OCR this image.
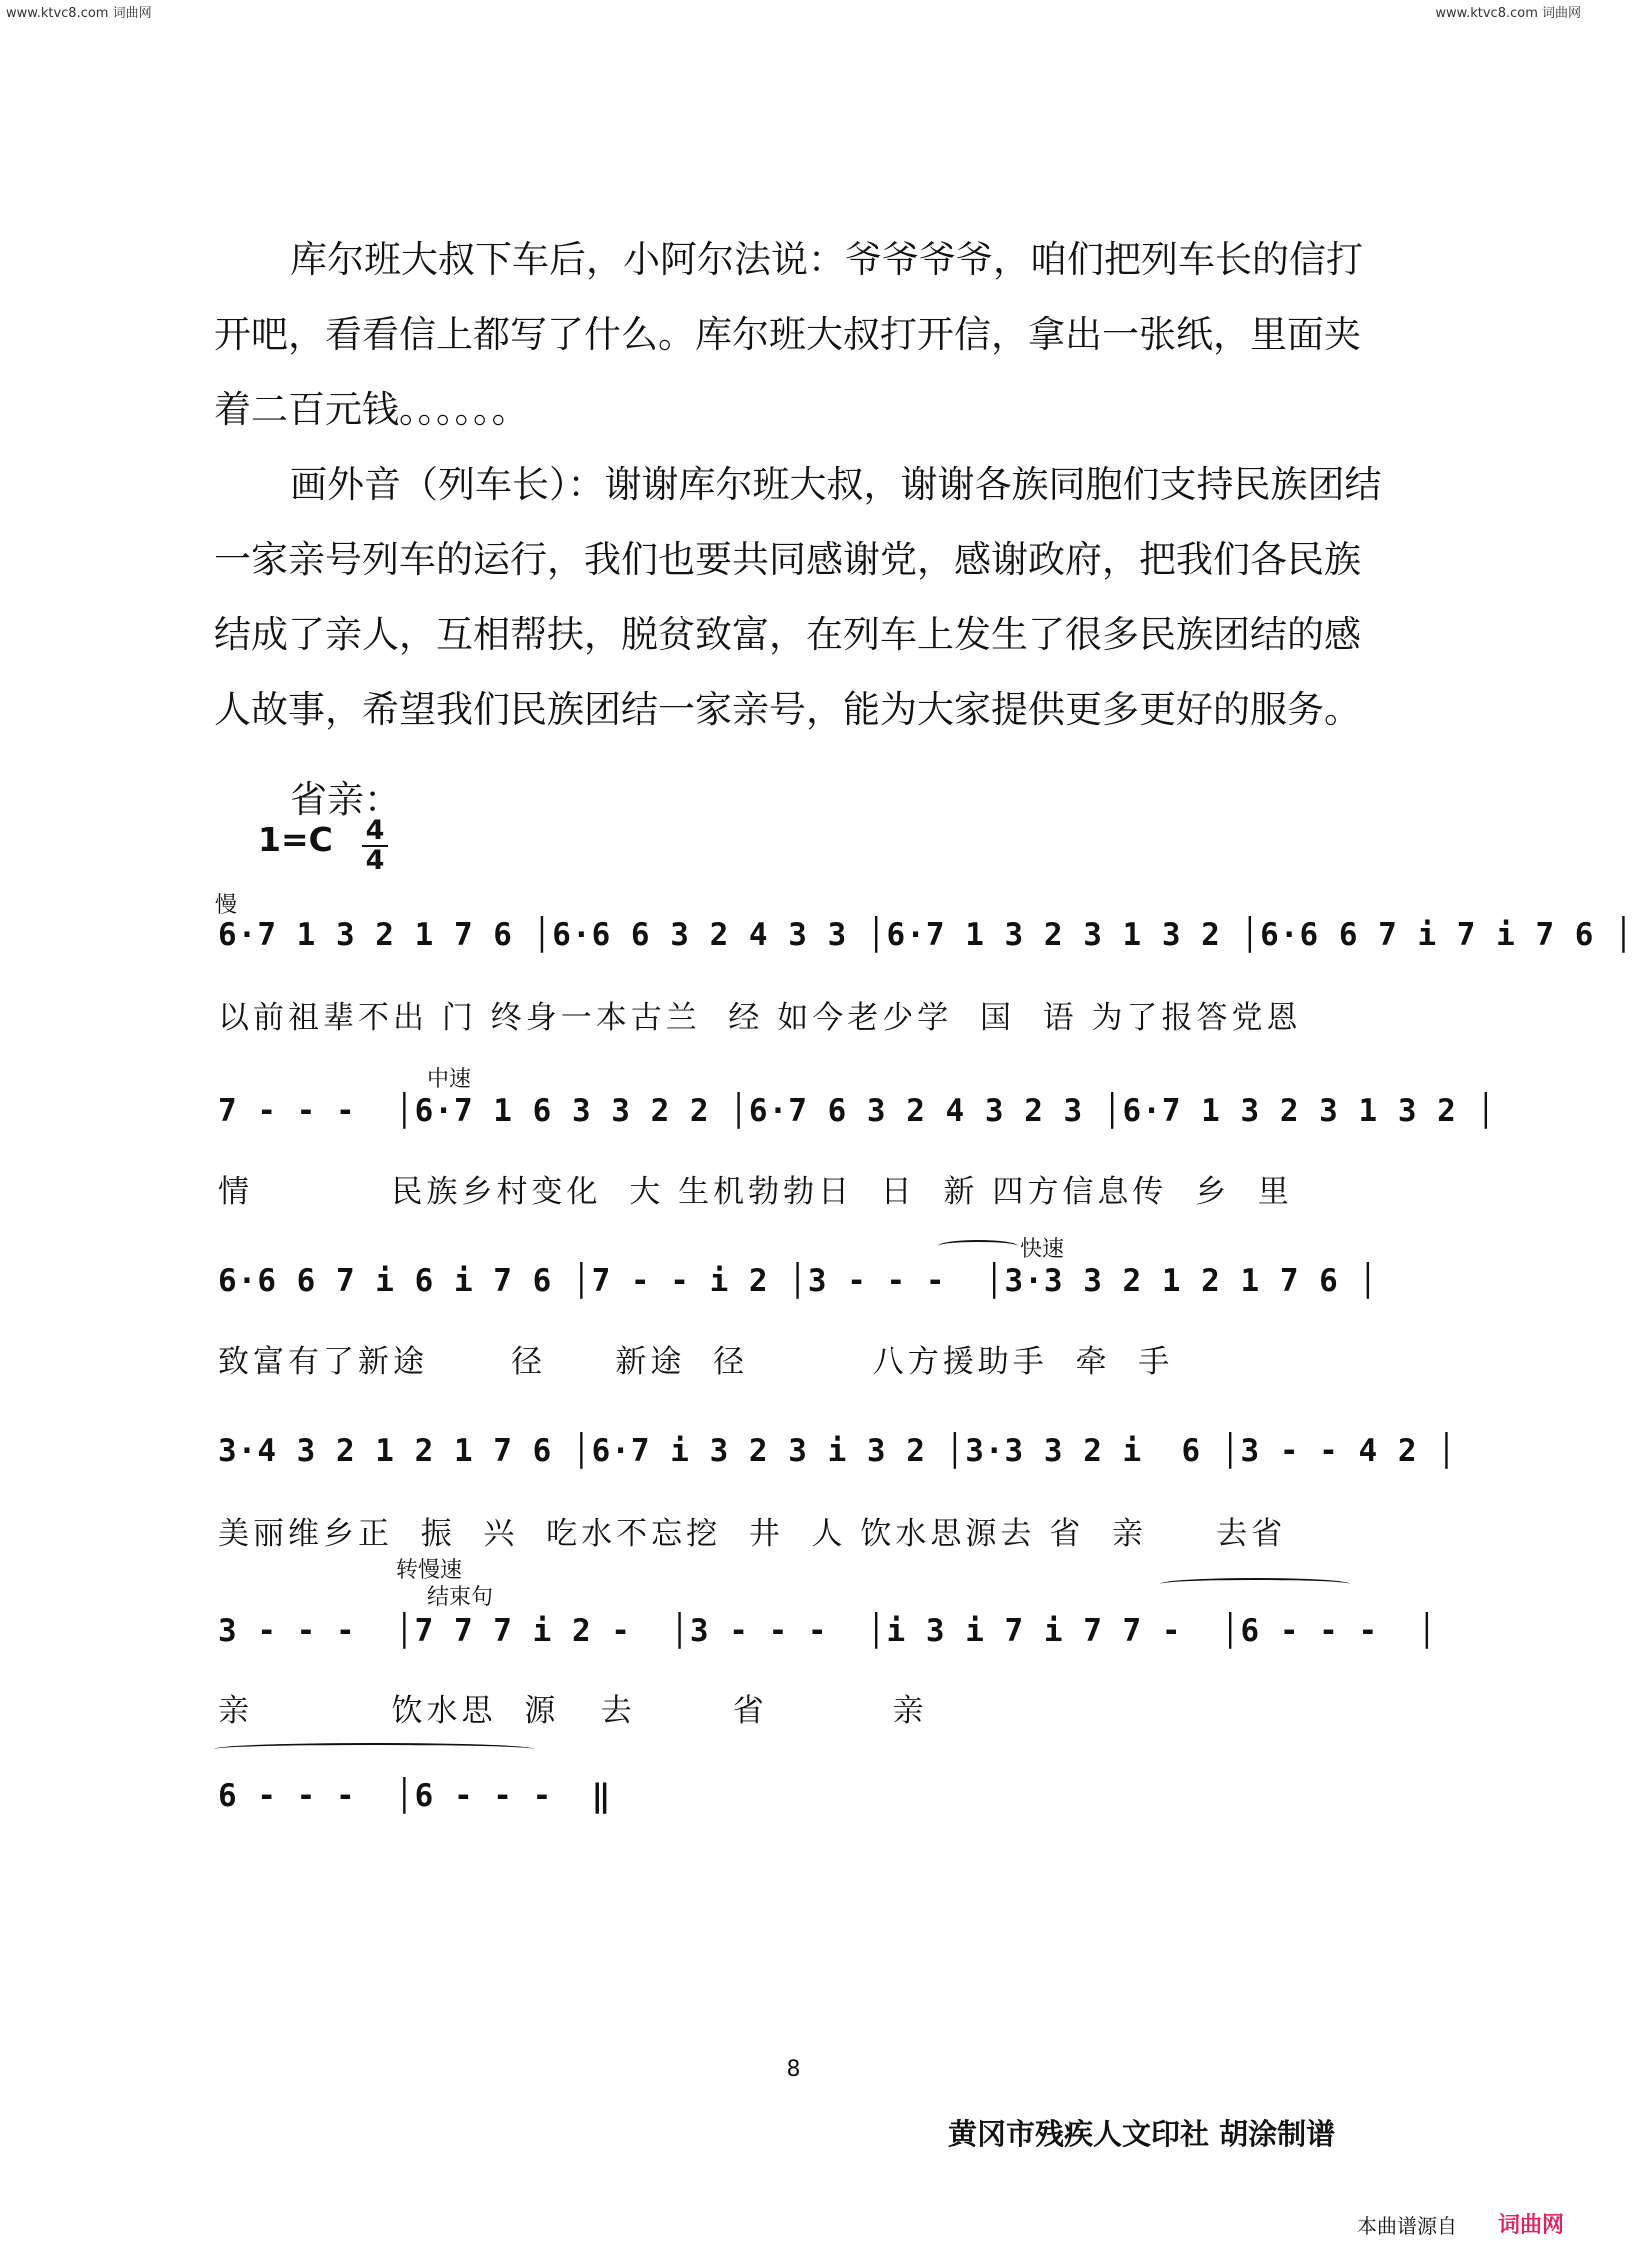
www.ktvc8.com 词曲网	www.ktvc8.com 词曲网

库尔班大叔下车后，小阿尔法说：爷爷爷爷，咱们把列车长的信打开吧，看看信上都写了什么。库尔班大叔打开信，拿出一张纸，里面夹着二百元钱。。。。。。

画外音（列车长）：谢谢库尔班大叔，谢谢各族同胞们支持民族团结一家亲号列车的运行，我们也要共同感谢党，感谢政府，把我们各民族结成了亲人，互相帮扶，脱贫致富，在列车上发生了很多民族团结的感人故事，希望我们民族团结一家亲号，能为大家提供更多更好的服务。

省亲：

1=C 4
4
慢
6·7 1 3 2 1 7 6 │6·6 6 3 2 4 3 3 │6·7 1 3 2 3 1 3 2 │6·6 6 7 i 7 i 7 6 │
以前祖辈不出 门 终身一本古兰  经 如今老少学  国  语 为了报答党恩
中速
7 - - -  │6·7 1 6 3 3 2 2 │6·7 6 3 2 4 3 2 3 │6·7 1 3 2 3 1 3 2 │
情          民族乡村变化  大 生机勃勃日  日  新 四方信息传  乡  里
快速
6·6 6 7 i 6 i 7 6 │7 - - i 2 │3 - - -  │3·3 3 2 1 2 1 7 6 │
致富有了新途      径     新途  径         八方援助手  牵  手
3·4 3 2 1 2 1 7 6 │6·7 i 3 2 3 i 3 2 │3·3 3 2 i  6 │3 - - 4 2 │
美丽维乡正  振  兴  吃水不忘挖  井  人 饮水思源去 省  亲     去省
转慢速
结束句
3 - - -  │7 7 7 i 2 -  │3 - - -  │i 3 i 7 i 7 7 -  │6 - - -  │
亲          饮水思  源   去       省         亲
6 - - -  │6 - - -  ‖
8
黄冈市残疾人文印社 胡涂制谱
本曲谱源自 词曲网
